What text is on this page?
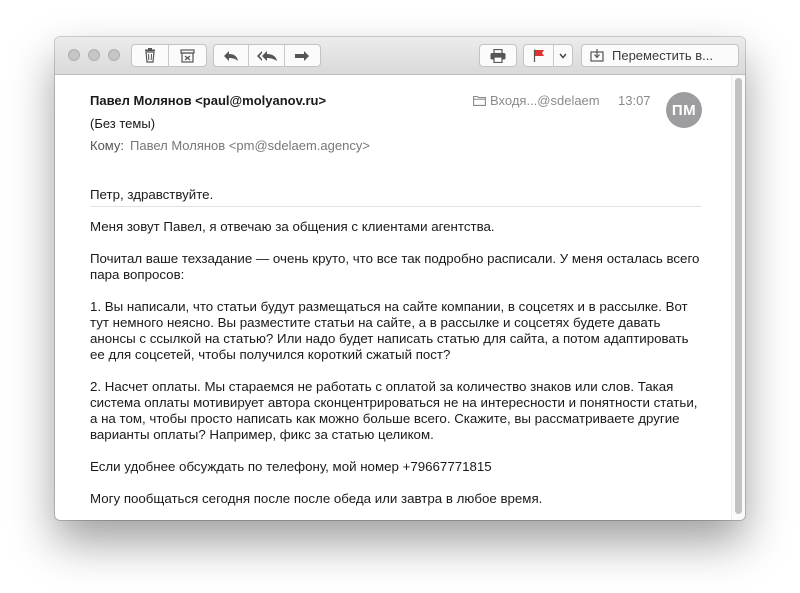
Переместить в...
Павел Молянов <paul@molyanov.ru>
(Без темы)
Кому: Павел Молянов <pm@sdelaem.agency>
Входя...@sdelaem 13:07
ПМ

Петр, здравствуйте.

Меня зовут Павел, я отвечаю за общения с клиентами агентства.

Почитал ваше техзадание — очень круто, что все так подробно расписали. У меня осталась всего пара вопросов:

1. Вы написали, что статьи будут размещаться на сайте компании, в соцсетях и в рассылке. Вот тут немного неясно. Вы разместите статьи на сайте, а в рассылке и соцсетях будете давать анонсы с ссылкой на статью? Или надо будет написать статью для сайта, а потом адаптировать ее для соцсетей, чтобы получился короткий сжатый пост?

2. Насчет оплаты. Мы стараемся не работать с оплатой за количество знаков или слов. Такая система оплаты мотивирует автора сконцентрироваться не на интересности и понятности статьи, а на том, чтобы просто написать как можно больше всего. Скажите, вы рассматриваете другие варианты оплаты? Например, фикс за статью целиком.

Если удобнее обсуждать по телефону, мой номер +79667771815

Могу пообщаться сегодня после после обеда или завтра в любое время.
